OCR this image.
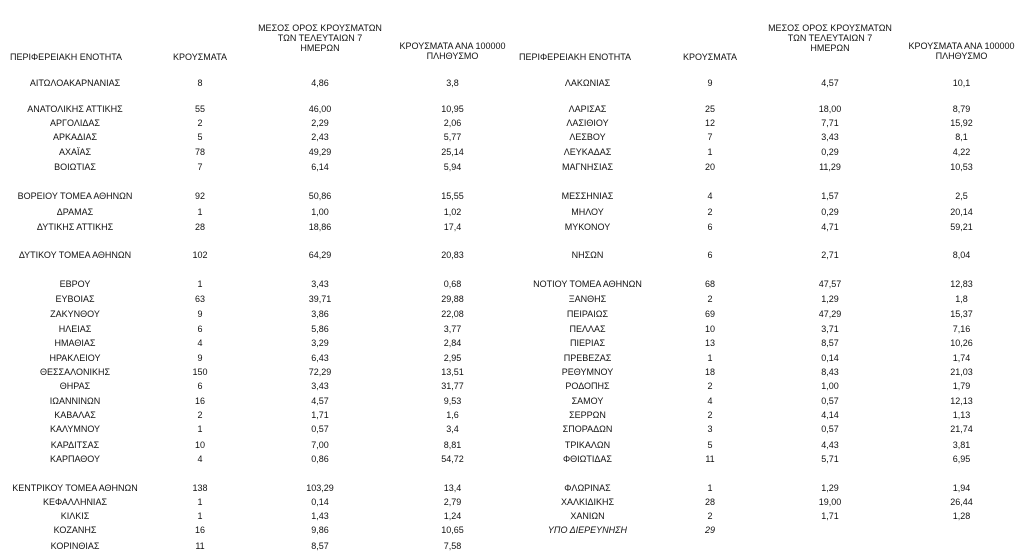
ΠΕΡΙΦΕΡΕΙΑΚΗ ΕΝΟΤΗΤΑ	ΚΡΟΥΣΜΑΤΑ
ΜΕΣΟΣ ΟΡΟΣ ΚΡΟΥΣΜΑΤΩΝ
ΤΩΝ ΤΕΛΕΥΤΑΙΩΝ 7
ΗΜΕΡΩΝ	ΚΡΟΥΣΜΑΤΑ ΑΝΑ 100000
ΠΛΗΘΥΣΜΟ
ΑΙΤΩΛΟΑΚΑΡΝΑΝΙΑΣ	8	4,86	3,8
ΑΝΑΤΟΛΙΚΗΣ ΑΤΤΙΚΗΣ	55	46,00	10,95
ΑΡΓΟΛΙΔΑΣ	2	2,29	2,06
ΑΡΚΑΔΙΑΣ	5	2,43	5,77
ΑΧΑΪΑΣ	78	49,29	25,14
ΒΟΙΩΤΙΑΣ	7	6,14	5,94
ΒΟΡΕΙΟΥ ΤΟΜΕΑ ΑΘΗΝΩΝ	92	50,86	15,55
ΔΡΑΜΑΣ	1	1,00	1,02
ΔΥΤΙΚΗΣ ΑΤΤΙΚΗΣ	28	18,86	17,4
ΔΥΤΙΚΟΥ ΤΟΜΕΑ ΑΘΗΝΩΝ	102	64,29	20,83
ΕΒΡΟΥ	1	3,43	0,68
ΕΥΒΟΙΑΣ	63	39,71	29,88
ΖΑΚΥΝΘΟΥ	9	3,86	22,08
ΗΛΕΙΑΣ	6	5,86	3,77
ΗΜΑΘΙΑΣ	4	3,29	2,84
ΗΡΑΚΛΕΙΟΥ	9	6,43	2,95
ΘΕΣΣΑΛΟΝΙΚΗΣ	150	72,29	13,51
ΘΗΡΑΣ	6	3,43	31,77
ΙΩΑΝΝΙΝΩΝ	16	4,57	9,53
ΚΑΒΑΛΑΣ	2	1,71	1,6
ΚΑΛΥΜΝΟΥ	1	0,57	3,4
ΚΑΡΔΙΤΣΑΣ	10	7,00	8,81
ΚΑΡΠΑΘΟΥ	4	0,86	54,72
ΚΕΝΤΡΙΚΟΥ ΤΟΜΕΑ ΑΘΗΝΩΝ	138	103,29	13,4
ΚΕΦΑΛΛΗΝΙΑΣ	1	0,14	2,79
ΚΙΛΚΙΣ	1	1,43	1,24
ΚΟΖΑΝΗΣ	16	9,86	10,65
ΚΟΡΙΝΘΙΑΣ	11	8,57	7,58
ΠΕΡΙΦΕΡΕΙΑΚΗ ΕΝΟΤΗΤΑ	ΚΡΟΥΣΜΑΤΑ
ΜΕΣΟΣ ΟΡΟΣ ΚΡΟΥΣΜΑΤΩΝ
ΤΩΝ ΤΕΛΕΥΤΑΙΩΝ 7
ΗΜΕΡΩΝ	ΚΡΟΥΣΜΑΤΑ ΑΝΑ 100000
ΠΛΗΘΥΣΜΟ
ΛΑΚΩΝΙΑΣ	9	4,57	10,1
ΛΑΡΙΣΑΣ	25	18,00	8,79
ΛΑΣΙΘΙΟΥ	12	7,71	15,92
ΛΕΣΒΟΥ	7	3,43	8,1
ΛΕΥΚΑΔΑΣ	1	0,29	4,22
ΜΑΓΝΗΣΙΑΣ	20	11,29	10,53
ΜΕΣΣΗΝΙΑΣ	4	1,57	2,5
ΜΗΛΟΥ	2	0,29	20,14
ΜΥΚΟΝΟΥ	6	4,71	59,21
ΝΗΣΩΝ	6	2,71	8,04
ΝΟΤΙΟΥ ΤΟΜΕΑ ΑΘΗΝΩΝ	68	47,57	12,83
ΞΑΝΘΗΣ	2	1,29	1,8
ΠΕΙΡΑΙΩΣ	69	47,29	15,37
ΠΕΛΛΑΣ	10	3,71	7,16
ΠΙΕΡΙΑΣ	13	8,57	10,26
ΠΡΕΒΕΖΑΣ	1	0,14	1,74
ΡΕΘΥΜΝΟΥ	18	8,43	21,03
ΡΟΔΟΠΗΣ	2	1,00	1,79
ΣΑΜΟΥ	4	0,57	12,13
ΣΕΡΡΩΝ	2	4,14	1,13
ΣΠΟΡΑΔΩΝ	3	0,57	21,74
ΤΡΙΚΑΛΩΝ	5	4,43	3,81
ΦΘΙΩΤΙΔΑΣ	11	5,71	6,95
ΦΛΩΡΙΝΑΣ	1	1,29	1,94
ΧΑΛΚΙΔΙΚΗΣ	28	19,00	26,44
ΧΑΝΙΩΝ	2	1,71	1,28
ΥΠΟ ΔΙΕΡΕΥΝΗΣΗ	29
